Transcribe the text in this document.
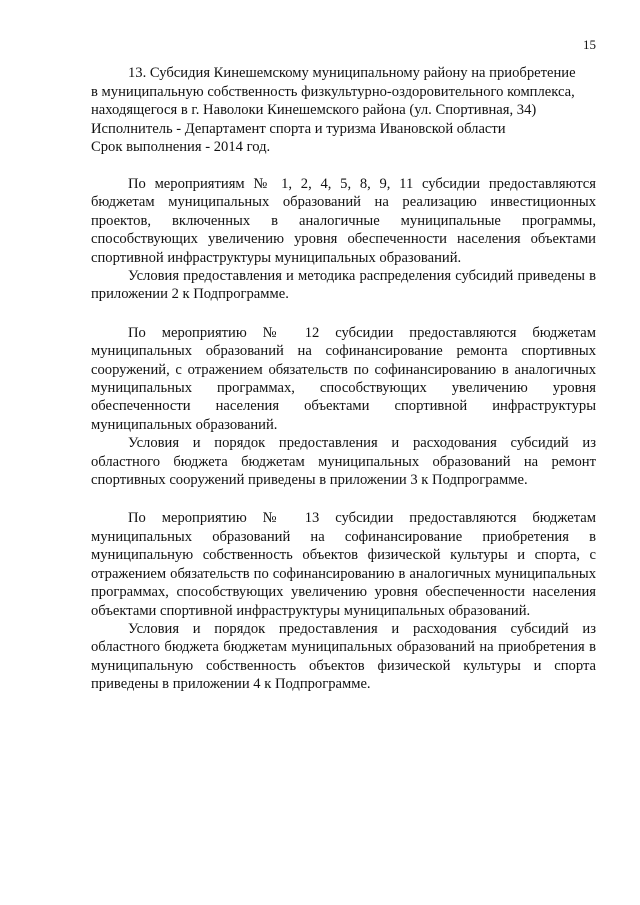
15
13. Субсидия Кинешемскому муниципальному району на приобретение
в муниципальную собственность физкультурно-оздоровительного комплекса,
находящегося в г. Наволоки Кинешемского района (ул. Спортивная, 34)
Исполнитель - Департамент спорта и туризма Ивановской области
Срок выполнения - 2014 год.

По мероприятиям № 1, 2, 4, 5, 8, 9, 11 субсидии предоставляются бюджетам муниципальных образований на реализацию инвестиционных проектов, включенных в аналогичные муниципальные программы, способствующих увеличению уровня обеспеченности населения объектами спортивной инфраструктуры муниципальных образований.

Условия предоставления и методика распределения субсидий приведены в приложении 2 к Подпрограмме.

По мероприятию № 12 субсидии предоставляются бюджетам муниципальных образований на софинансирование ремонта спортивных сооружений, с отражением обязательств по софинансированию в аналогичных муниципальных программах, способствующих увеличению уровня обеспеченности населения объектами спортивной инфраструктуры муниципальных образований.

Условия и порядок предоставления и расходования субсидий из областного бюджета бюджетам муниципальных образований на ремонт спортивных сооружений приведены в приложении 3 к Подпрограмме.

По мероприятию № 13 субсидии предоставляются бюджетам муниципальных образований на софинансирование приобретения в муниципальную собственность объектов физической культуры и спорта, с отражением обязательств по софинансированию в аналогичных муниципальных программах, способствующих увеличению уровня обеспеченности населения объектами спортивной инфраструктуры муниципальных образований.

Условия и порядок предоставления и расходования субсидий из областного бюджета бюджетам муниципальных образований на приобретения в муниципальную собственность объектов физической культуры и спорта приведены в приложении 4 к Подпрограмме.
